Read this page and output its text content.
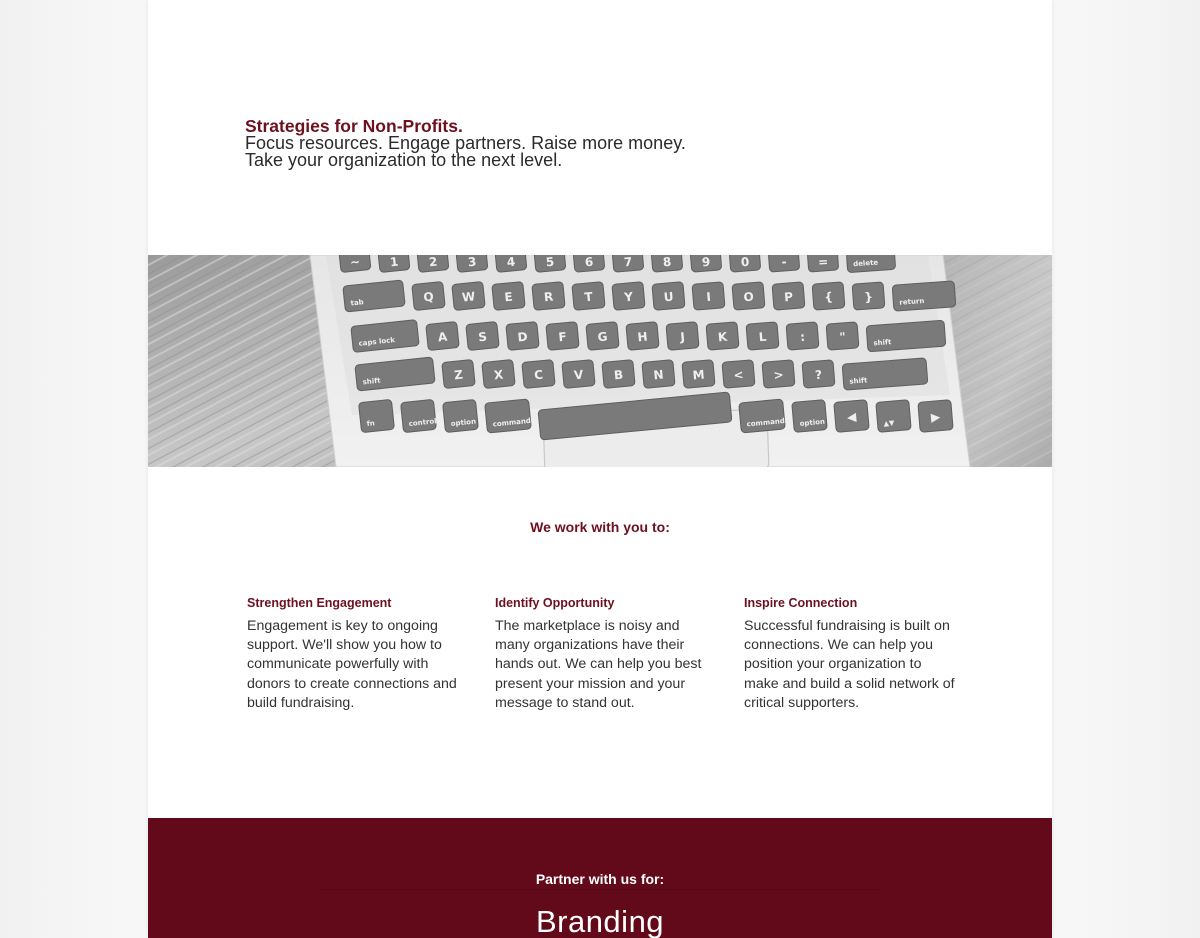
Strategies for Non-Profits.

Focus resources. Engage partners. Raise more money.

Take your organization to the next level.

~ 1 2 3 4 5 6 7 8 9 0	-	=	delete
tab	Q W E R	T	Y U	I	O P	{	}	return
caps lock	A S D F G H	J	K	L	:	"	shift
shift	Z X C V B N M < >	?	shift
fn	control option command	command option ◀	▲▼	▶
We work with you to:
Strengthen Engagement

Engagement is key to ongoing support. We'll show you how to communicate powerfully with donors to create connections and build fundraising.

Identify Opportunity

The marketplace is noisy and many organizations have their hands out. We can help you best present your mission and your message to stand out.

Inspire Connection

Successful fundraising is built on connections. We can help you position your organization to make and build a solid network of critical supporters.

Partner with us for:

Branding
